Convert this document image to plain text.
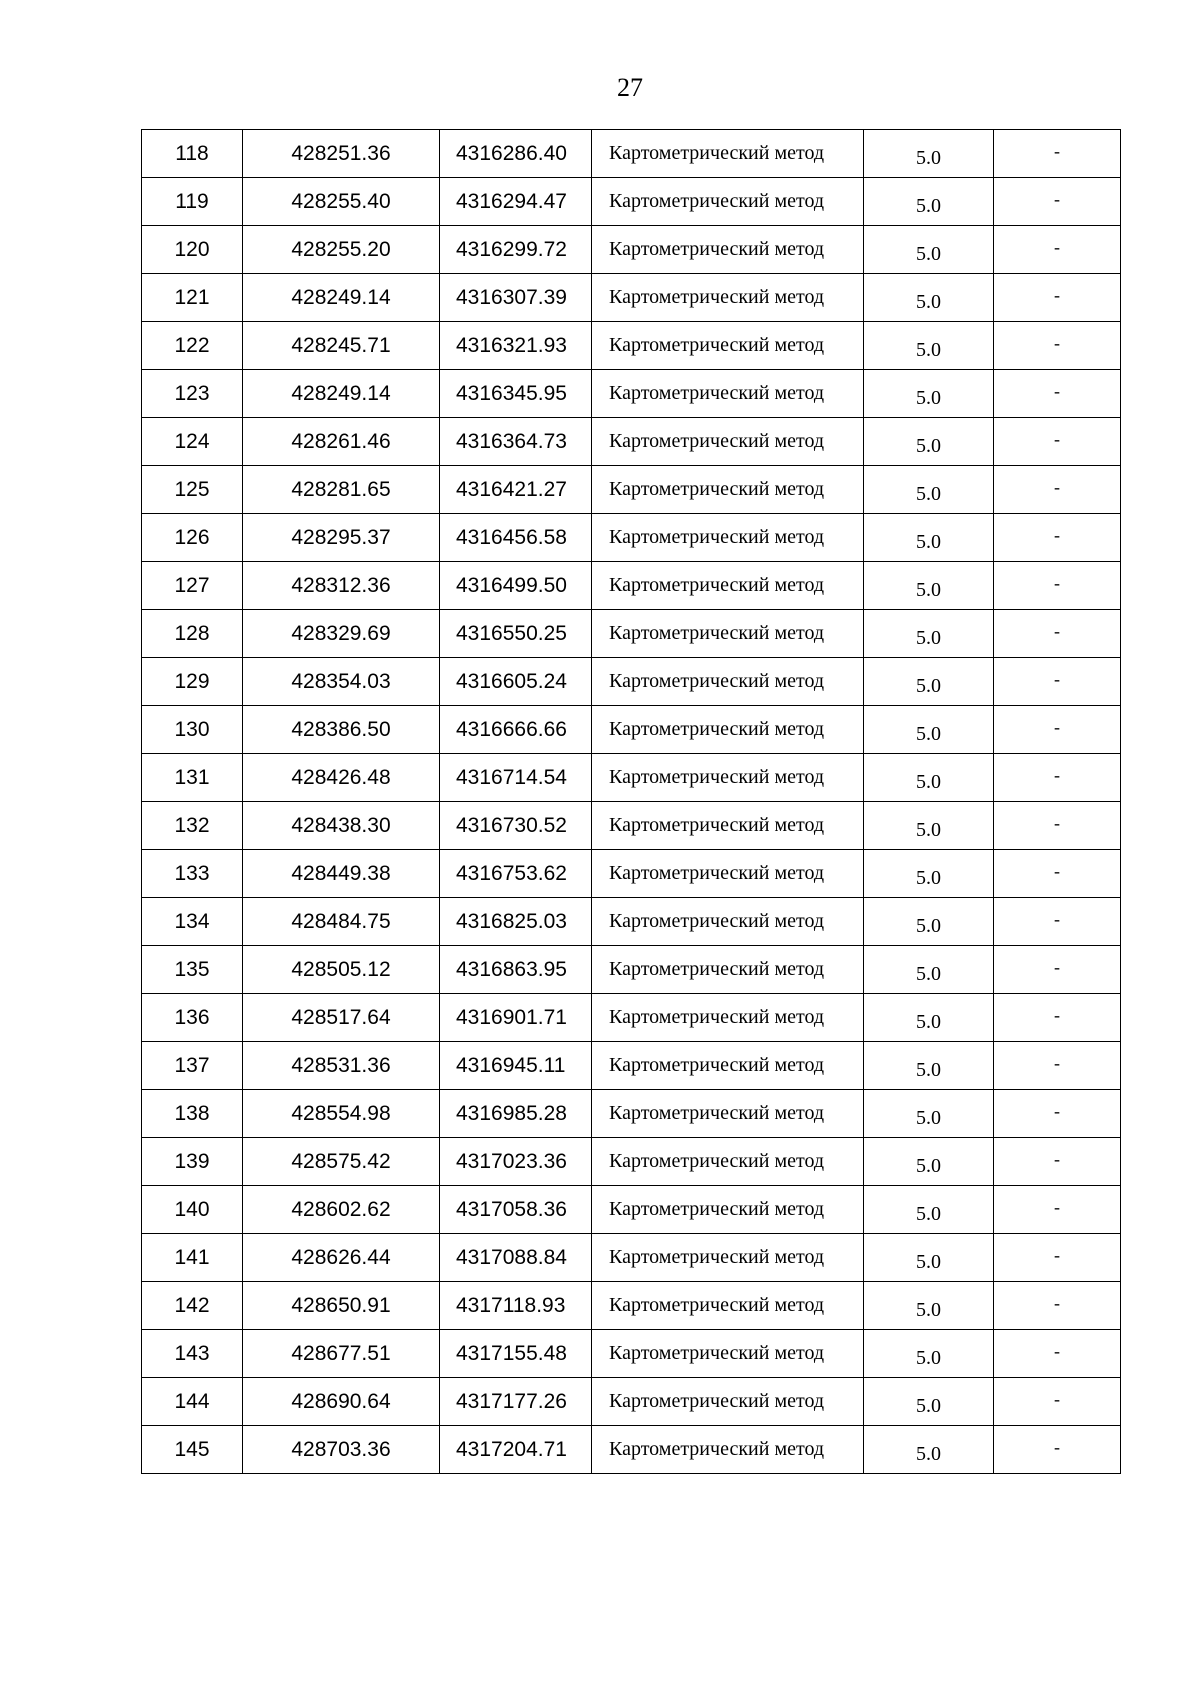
27
118	428251.36	4316286.40	Картометрический метод	5.0	-
119	428255.40	4316294.47	Картометрический метод	5.0	-
120	428255.20	4316299.72	Картометрический метод	5.0	-
121	428249.14	4316307.39	Картометрический метод	5.0	-
122	428245.71	4316321.93	Картометрический метод	5.0	-
123	428249.14	4316345.95	Картометрический метод	5.0	-
124	428261.46	4316364.73	Картометрический метод	5.0	-
125	428281.65	4316421.27	Картометрический метод	5.0	-
126	428295.37	4316456.58	Картометрический метод	5.0	-
127	428312.36	4316499.50	Картометрический метод	5.0	-
128	428329.69	4316550.25	Картометрический метод	5.0	-
129	428354.03	4316605.24	Картометрический метод	5.0	-
130	428386.50	4316666.66	Картометрический метод	5.0	-
131	428426.48	4316714.54	Картометрический метод	5.0	-
132	428438.30	4316730.52	Картометрический метод	5.0	-
133	428449.38	4316753.62	Картометрический метод	5.0	-
134	428484.75	4316825.03	Картометрический метод	5.0	-
135	428505.12	4316863.95	Картометрический метод	5.0	-
136	428517.64	4316901.71	Картометрический метод	5.0	-
137	428531.36	4316945.11	Картометрический метод	5.0	-
138	428554.98	4316985.28	Картометрический метод	5.0	-
139	428575.42	4317023.36	Картометрический метод	5.0	-
140	428602.62	4317058.36	Картометрический метод	5.0	-
141	428626.44	4317088.84	Картометрический метод	5.0	-
142	428650.91	4317118.93	Картометрический метод	5.0	-
143	428677.51	4317155.48	Картометрический метод	5.0	-
144	428690.64	4317177.26	Картометрический метод	5.0	-
145	428703.36	4317204.71	Картометрический метод	5.0	-
